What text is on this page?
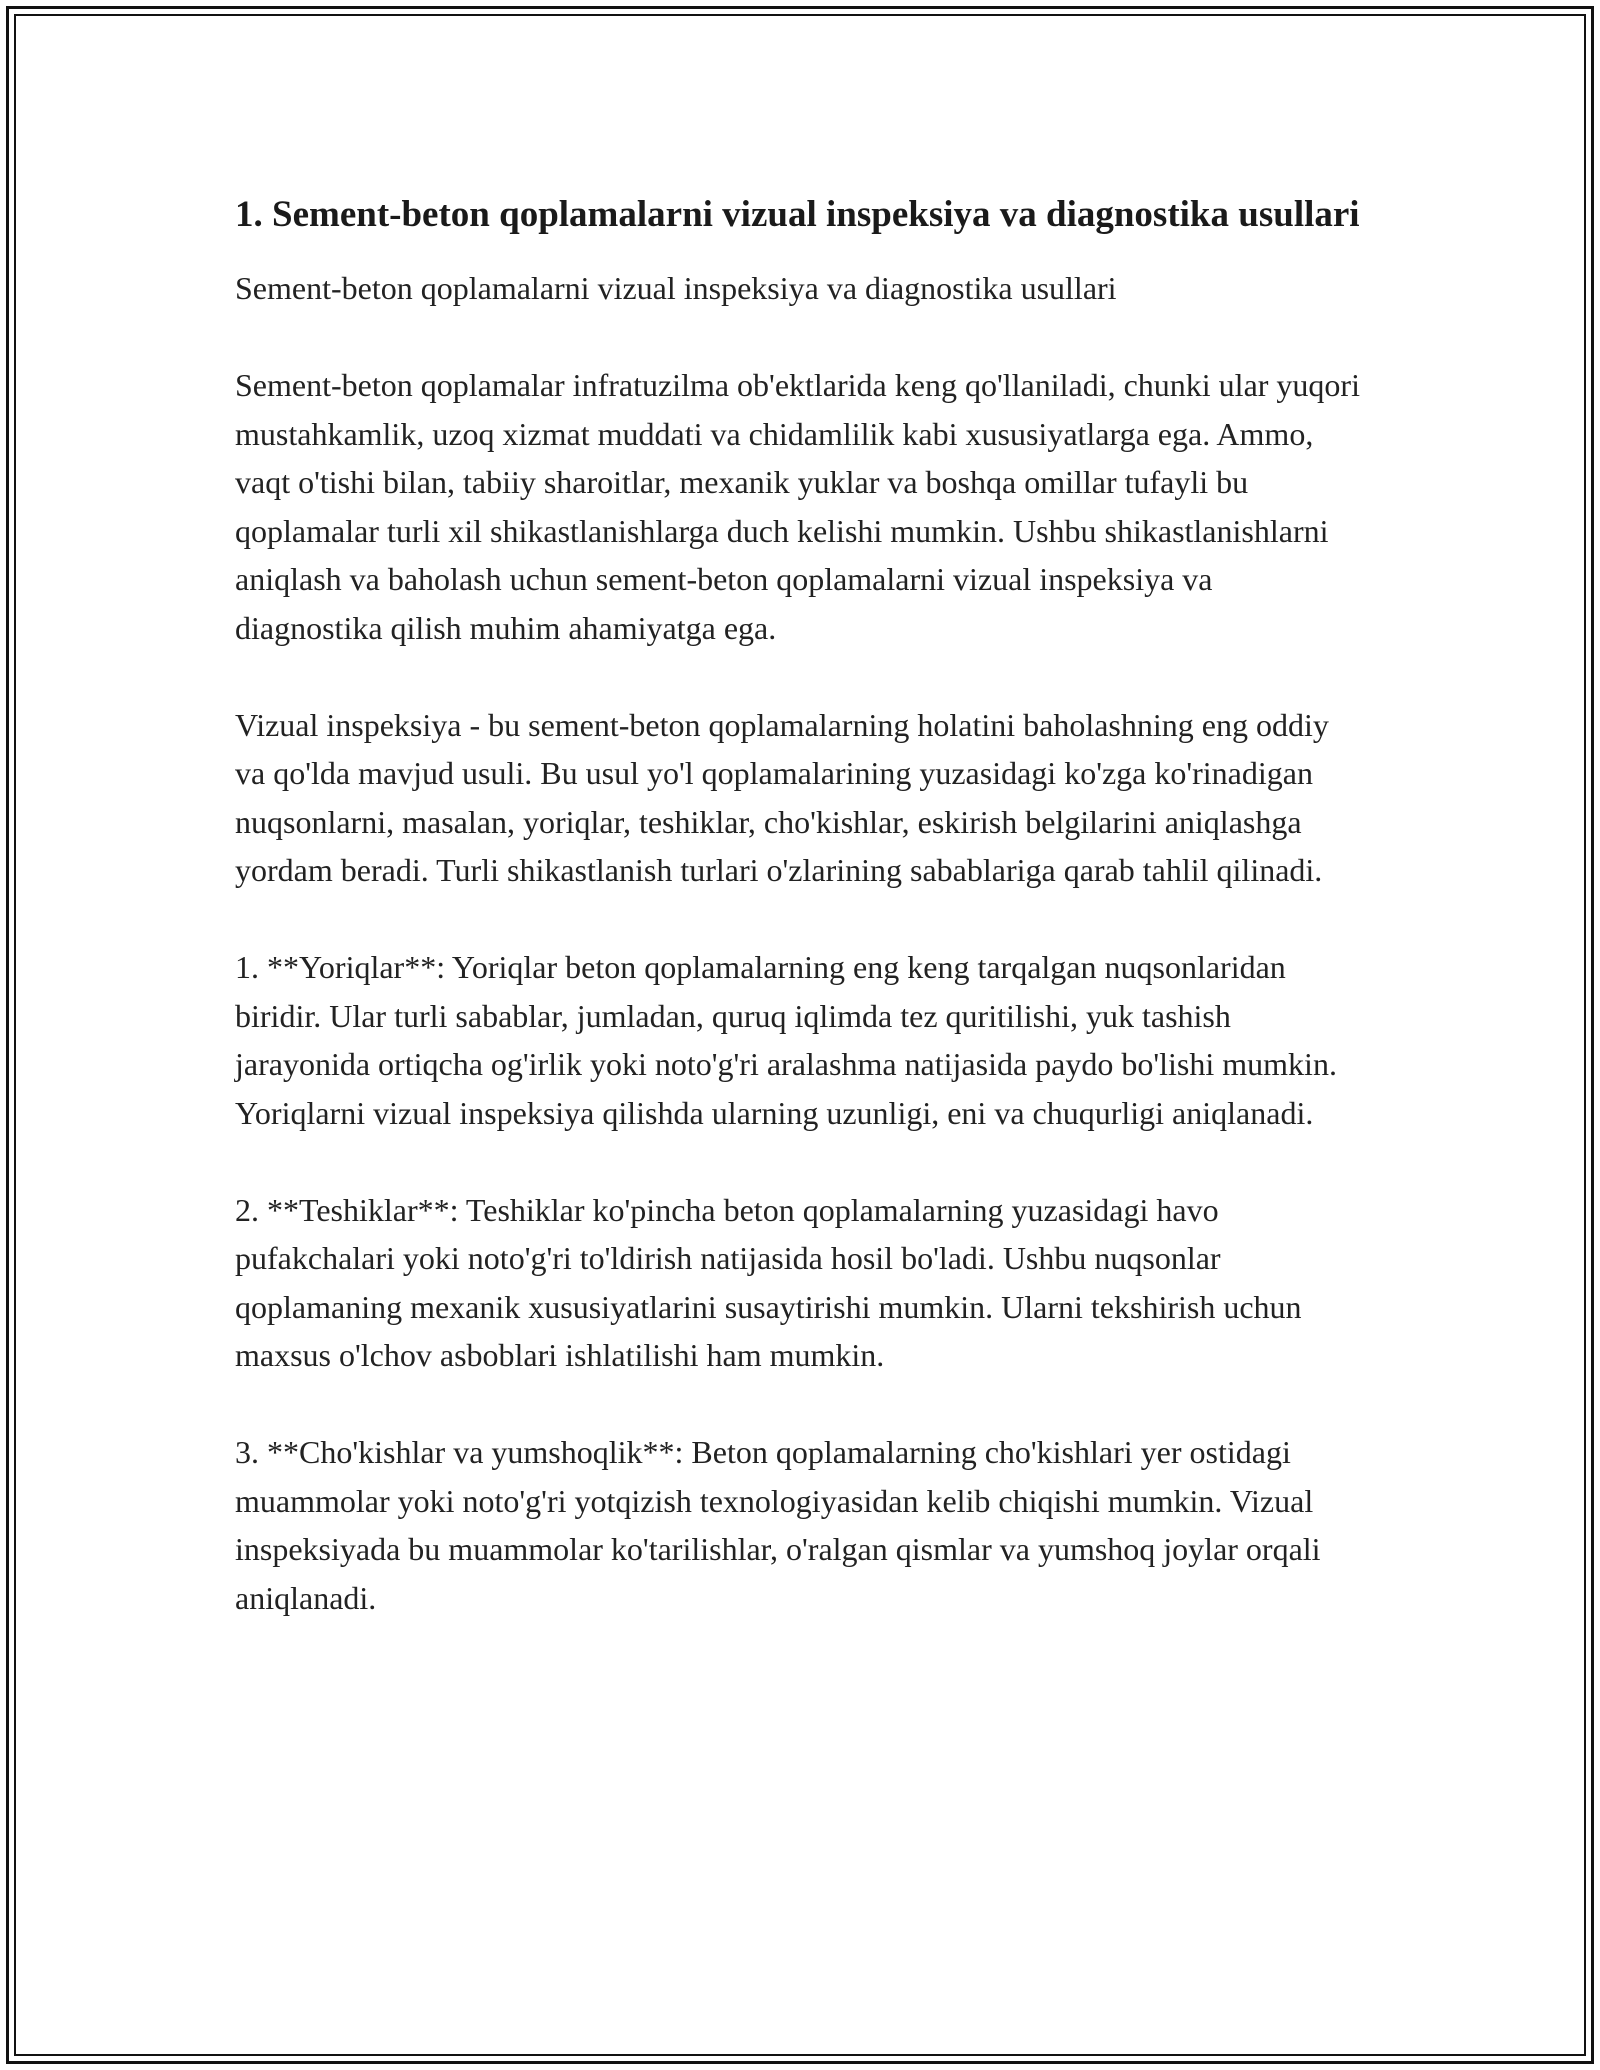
1. Sement-beton qoplamalarni vizual inspeksiya va diagnostika usullari

Sement-beton qoplamalarni vizual inspeksiya va diagnostika usullari

Sement-beton qoplamalar infratuzilma ob'ektlarida keng qo'llaniladi, chunki ular yuqori mustahkamlik, uzoq xizmat muddati va chidamlilik kabi xususiyatlarga ega. Ammo, vaqt o'tishi bilan, tabiiy sharoitlar, mexanik yuklar va boshqa omillar tufayli bu qoplamalar turli xil shikastlanishlarga duch kelishi mumkin. Ushbu shikastlanishlarni aniqlash va baholash uchun sement-beton qoplamalarni vizual inspeksiya va diagnostika qilish muhim ahamiyatga ega.

Vizual inspeksiya - bu sement-beton qoplamalarning holatini baholashning eng oddiy va qo'lda mavjud usuli. Bu usul yo'l qoplamalarining yuzasidagi ko'zga ko'rinadigan nuqsonlarni, masalan, yoriqlar, teshiklar, cho'kishlar, eskirish belgilarini aniqlashga yordam beradi. Turli shikastlanish turlari o'zlarining sabablariga qarab tahlil qilinadi.

1. **Yoriqlar**: Yoriqlar beton qoplamalarning eng keng tarqalgan nuqsonlaridan biridir. Ular turli sabablar, jumladan, quruq iqlimda tez quritilishi, yuk tashish jarayonida ortiqcha og'irlik yoki noto'g'ri aralashma natijasida paydo bo'lishi mumkin. Yoriqlarni vizual inspeksiya qilishda ularning uzunligi, eni va chuqurligi aniqlanadi.

2. **Teshiklar**: Teshiklar ko'pincha beton qoplamalarning yuzasidagi havo pufakchalari yoki noto'g'ri to'ldirish natijasida hosil bo'ladi. Ushbu nuqsonlar qoplamaning mexanik xususiyatlarini susaytirishi mumkin. Ularni tekshirish uchun maxsus o'lchov asboblari ishlatilishi ham mumkin.

3. **Cho'kishlar va yumshoqlik**: Beton qoplamalarning cho'kishlari yer ostidagi muammolar yoki noto'g'ri yotqizish texnologiyasidan kelib chiqishi mumkin. Vizual inspeksiyada bu muammolar ko'tarilishlar, o'ralgan qismlar va yumshoq joylar orqali aniqlanadi.
